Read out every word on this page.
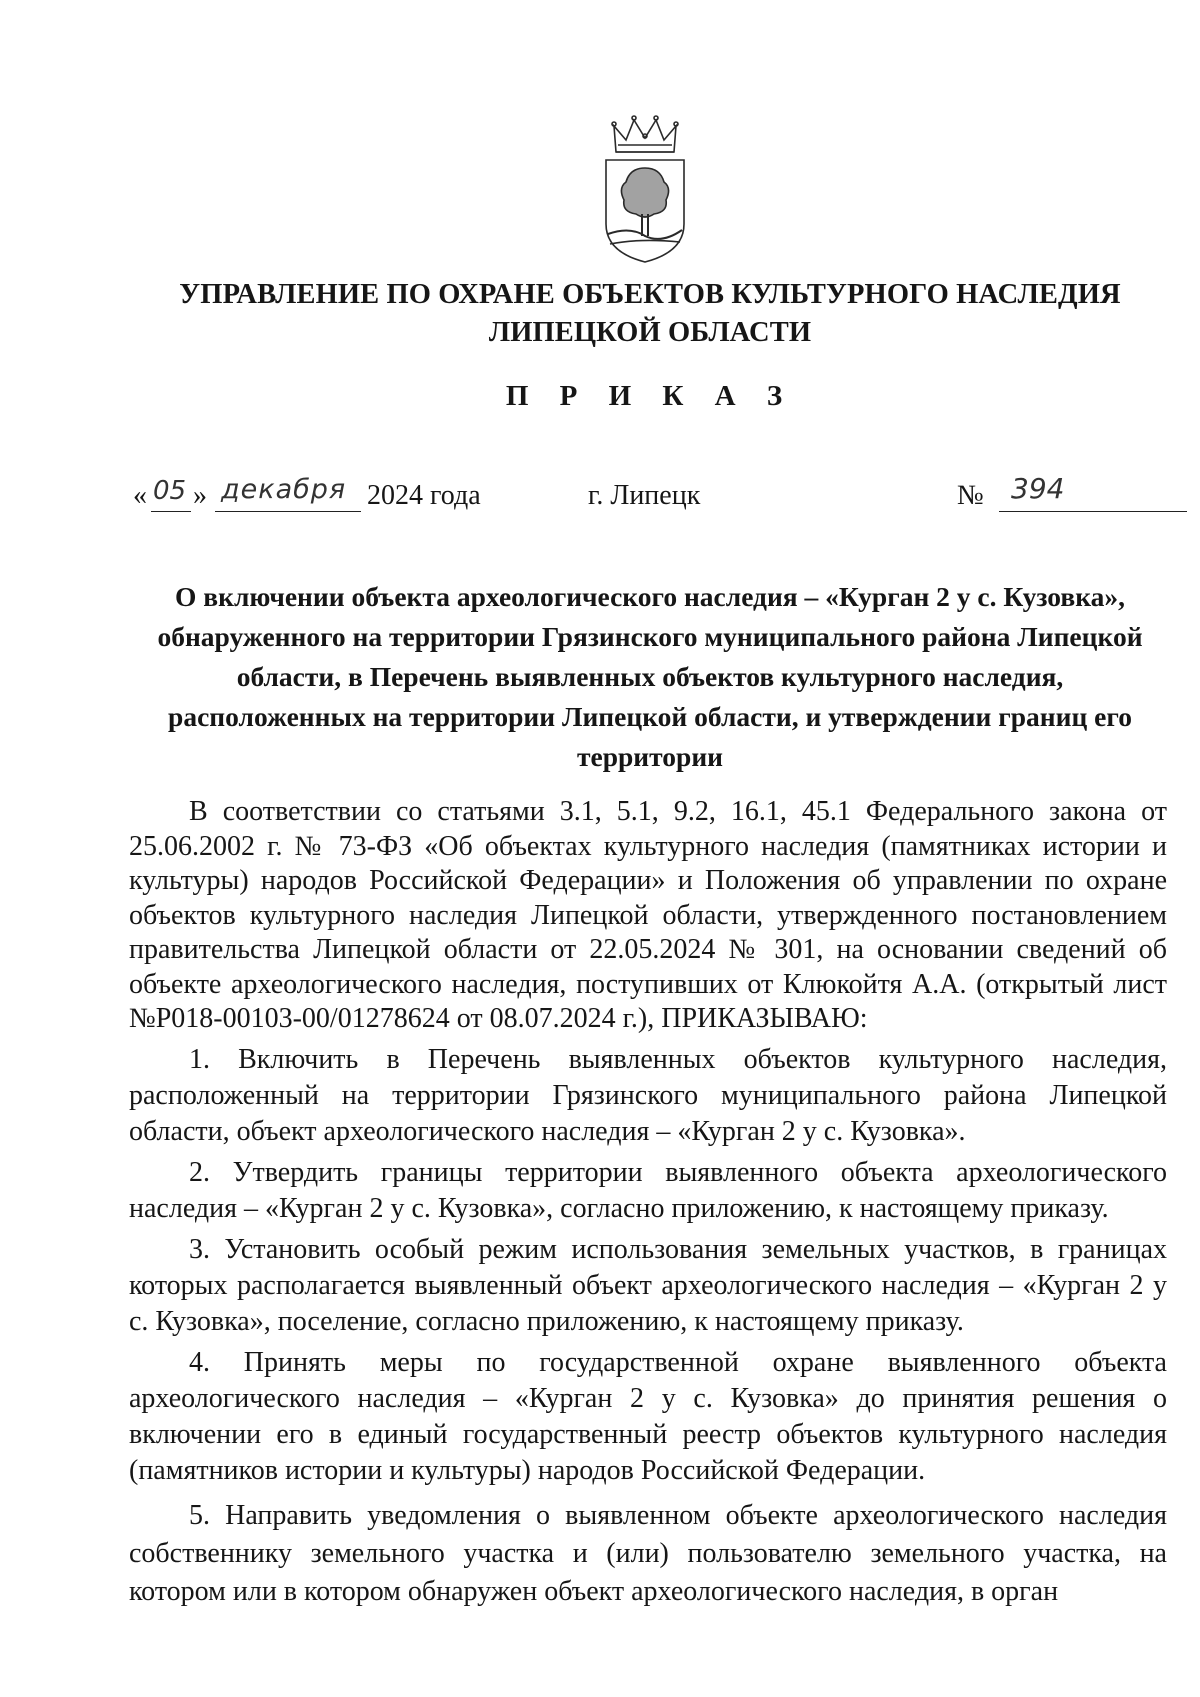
УПРАВЛЕНИЕ ПО ОХРАНЕ ОБЪЕКТОВ КУЛЬТУРНОГО НАСЛЕДИЯ
ЛИПЕЦКОЙ ОБЛАСТИ
П Р И К А З
« 05 » декабря 2024 года	г. Липецк	№ 394
О включении объекта археологического наследия – «Курган 2 у с. Кузовка»,
обнаруженного на территории Грязинского муниципального района Липецкой
области, в Перечень выявленных объектов культурного наследия,
расположенных на территории Липецкой области, и утверждении границ его
территории

В соответствии со статьями 3.1, 5.1, 9.2, 16.1, 45.1 Федерального закона от 25.06.2002 г. № 73-ФЗ «Об объектах культурного наследия (памятниках истории и культуры) народов Российской Федерации» и Положения об управлении по охране объектов культурного наследия Липецкой области, утвержденного постановлением правительства Липецкой области от 22.05.2024 № 301, на основании сведений об объекте археологического наследия, поступивших от Клюкойтя А.А. (открытый лист №Р018-00103-00/01278624 от 08.07.2024 г.), ПРИКАЗЫВАЮ:

1. Включить в Перечень выявленных объектов культурного наследия, расположенный на территории Грязинского муниципального района Липецкой области, объект археологического наследия – «Курган 2 у с. Кузовка».

2. Утвердить границы территории выявленного объекта археологического наследия – «Курган 2 у с. Кузовка», согласно приложению, к настоящему приказу.

3. Установить особый режим использования земельных участков, в границах которых располагается выявленный объект археологического наследия – «Курган 2 у с. Кузовка», поселение, согласно приложению, к настоящему приказу.

4. Принять меры по государственной охране выявленного объекта археологического наследия – «Курган 2 у с. Кузовка» до принятия решения о включении его в единый государственный реестр объектов культурного наследия (памятников истории и культуры) народов Российской Федерации.

5. Направить уведомления о выявленном объекте археологического наследия собственнику земельного участка и (или) пользователю земельного участка, на котором или в котором обнаружен объект археологического наследия, в орган
